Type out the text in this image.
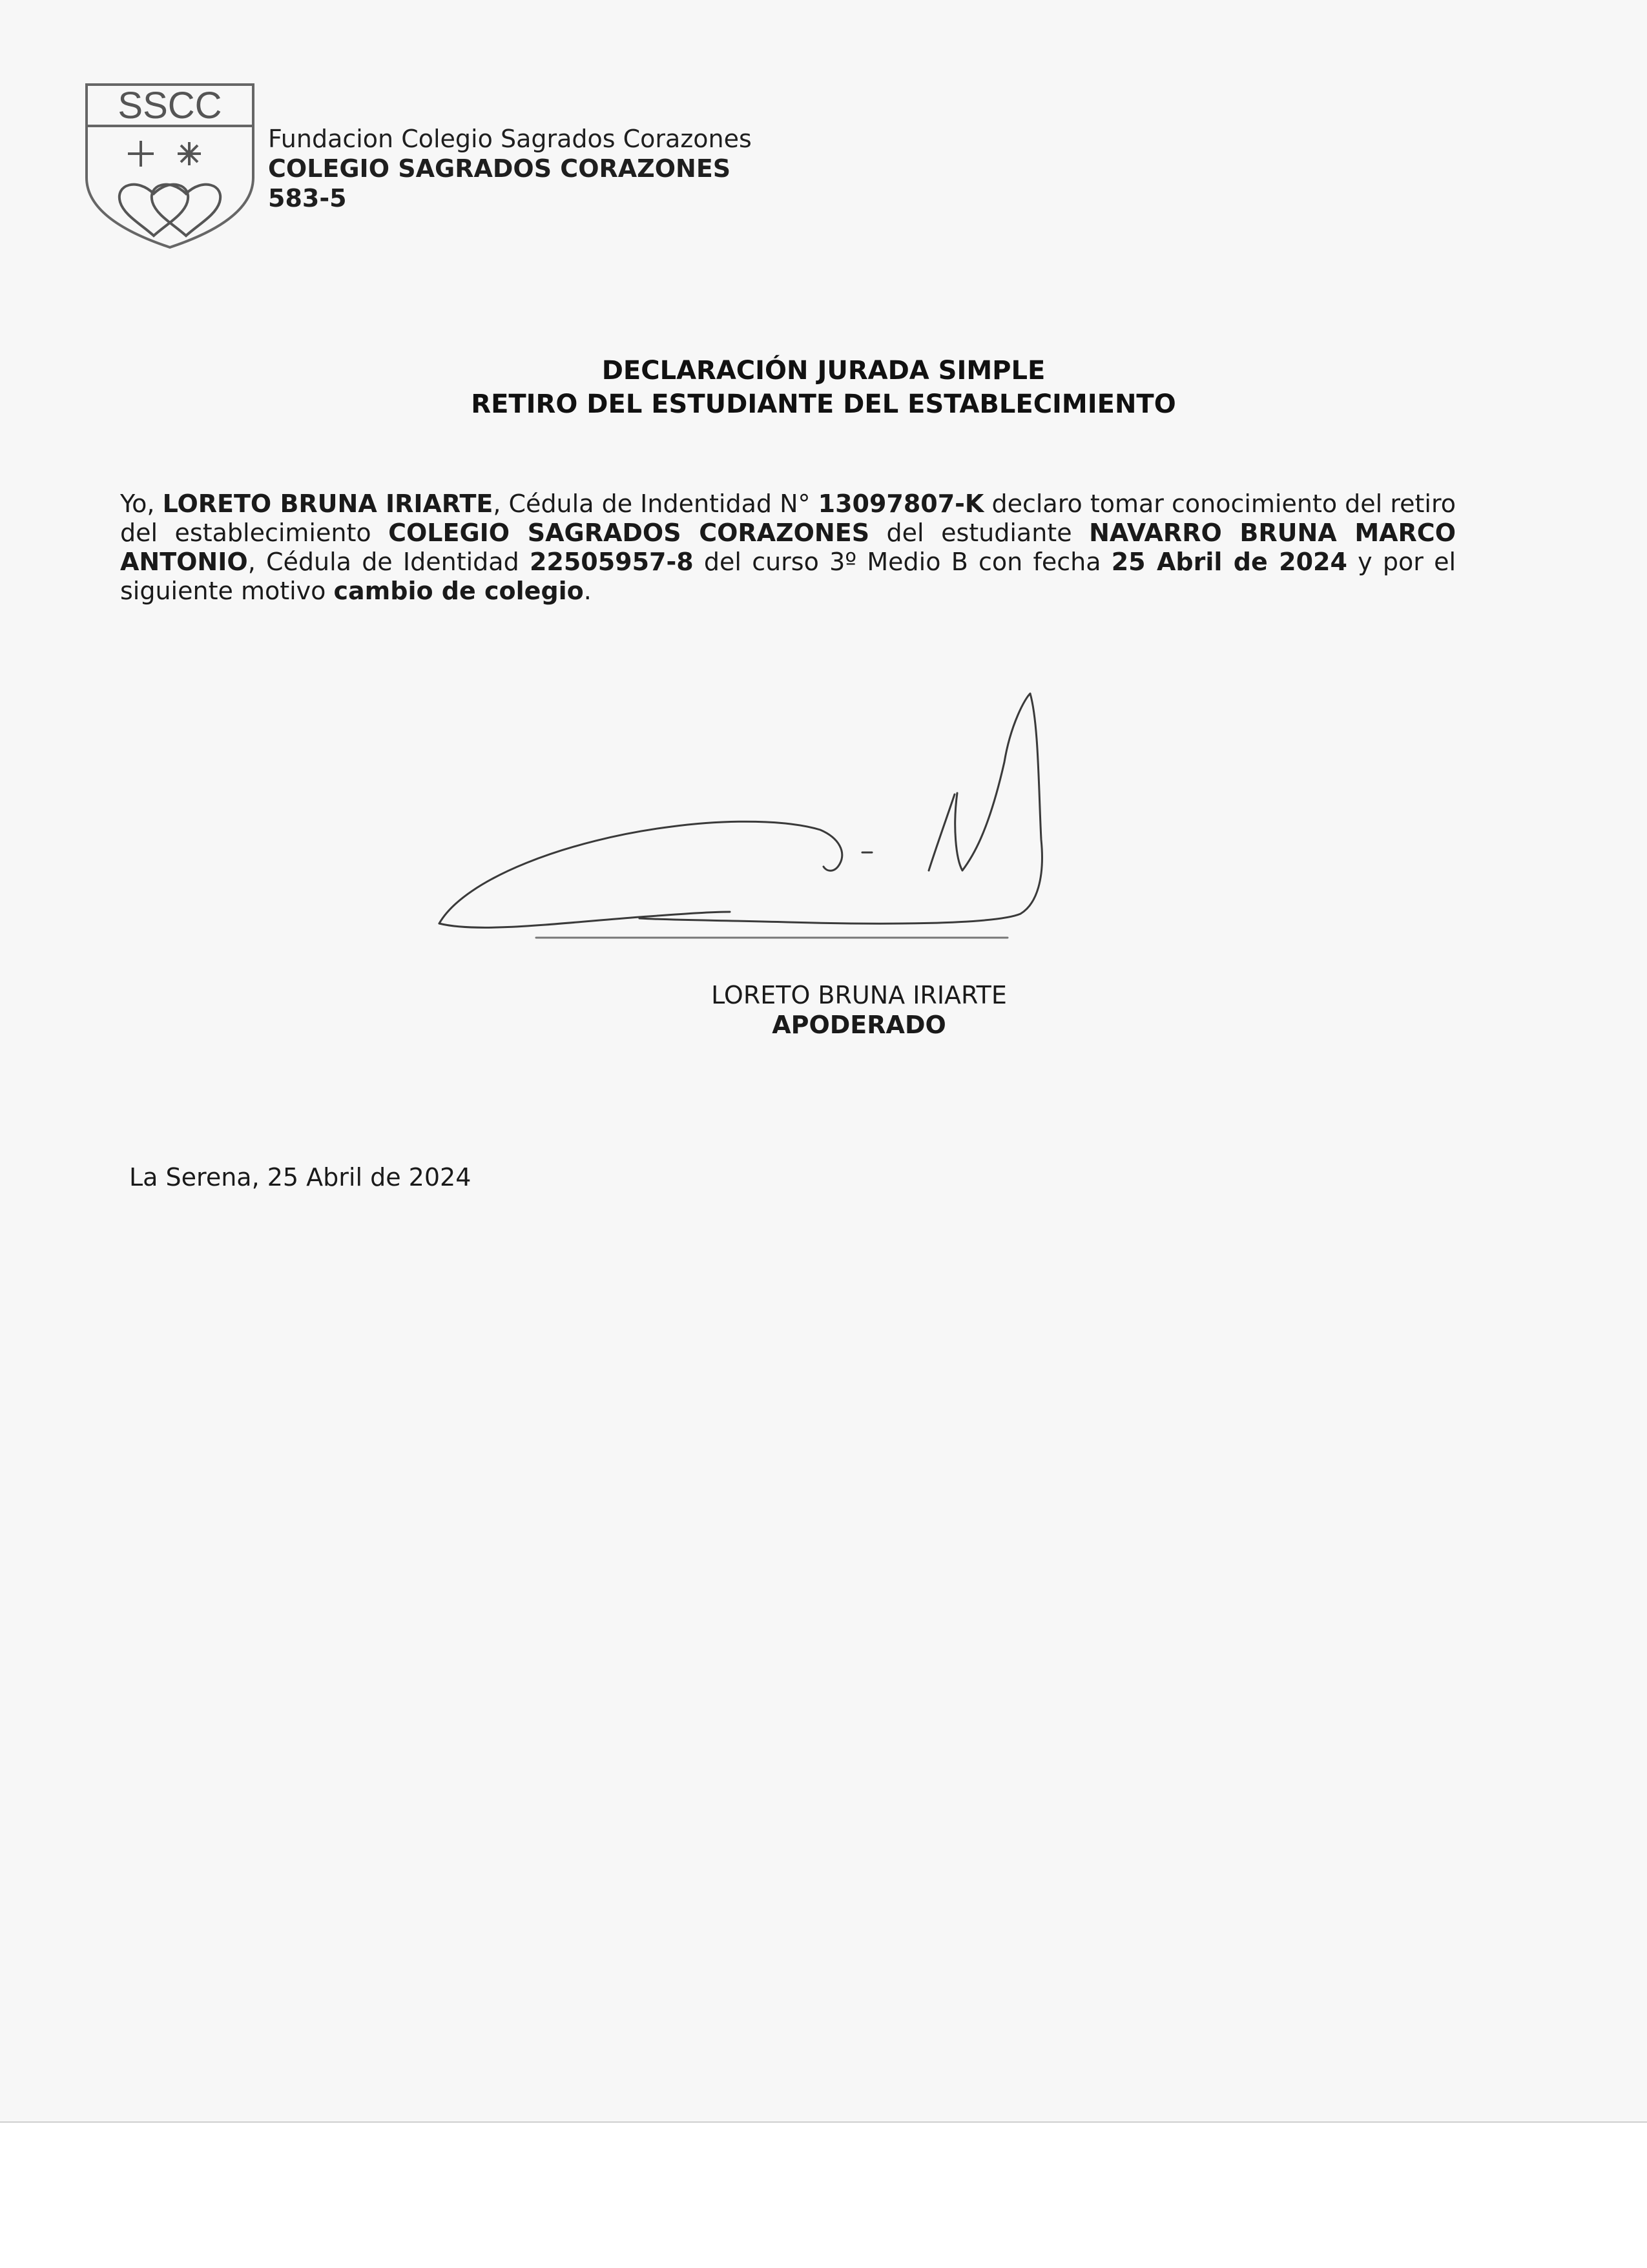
SSCC
Fundacion Colegio Sagrados Corazones
COLEGIO SAGRADOS CORAZONES
583-5
DECLARACIÓN JURADA SIMPLE
RETIRO DEL ESTUDIANTE DEL ESTABLECIMIENTO
Yo, LORETO BRUNA IRIARTE, Cédula de Indentidad N° 13097807-K declaro tomar conocimiento del retiro del establecimiento COLEGIO SAGRADOS CORAZONES del estudiante NAVARRO BRUNA MARCO ANTONIO, Cédula de Identidad 22505957-8 del curso 3º Medio B con fecha 25 Abril de 2024 y por el siguiente motivo cambio de colegio.
LORETO BRUNA IRIARTE
APODERADO
La Serena, 25 Abril de 2024
